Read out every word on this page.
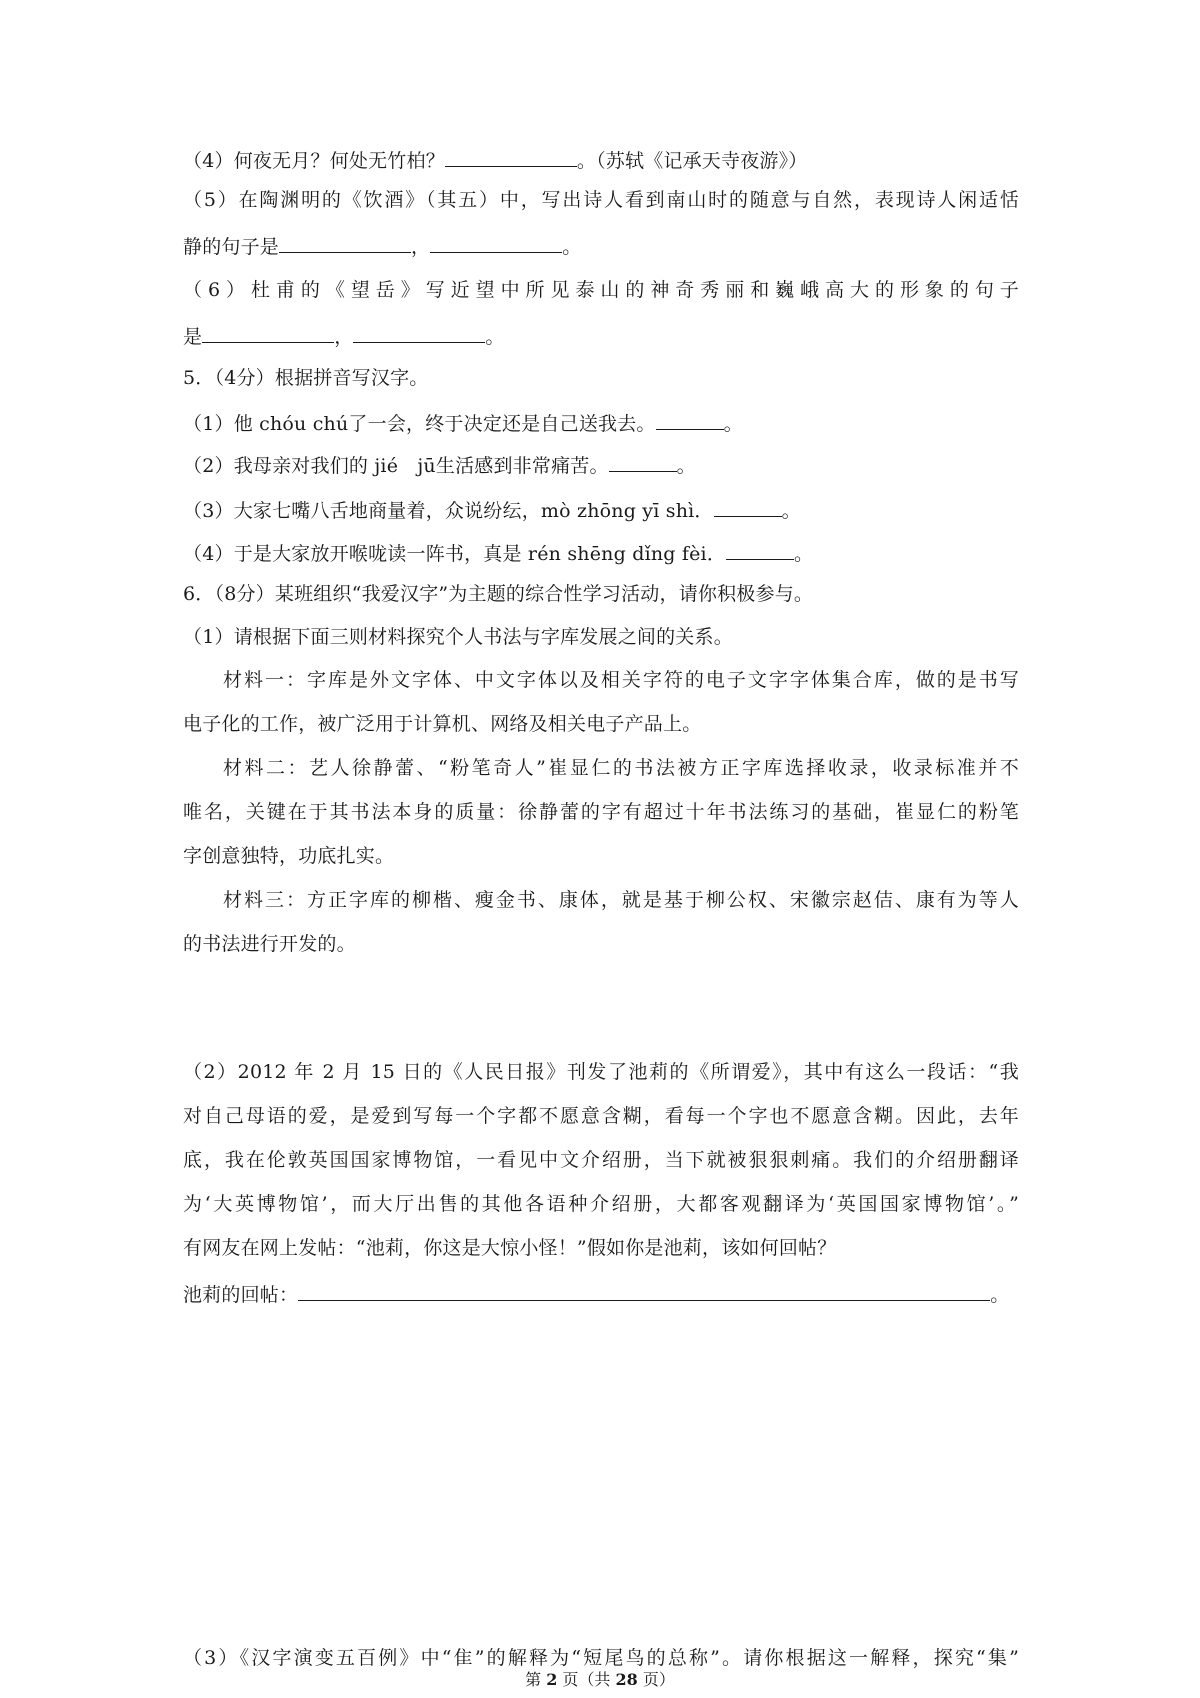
（4）何夜无月？何处无竹柏？	。（苏轼《记承天寺夜游》）
（5）在陶渊明的《饮酒》（其五）中，写出诗人看到南山时的随意与自然，表现诗人闲适恬
静的句子是	，	。
（6）杜甫的《望岳》写近望中所见泰山的神奇秀丽和巍峨高大的形象的句子
是	，	。
5．（4分）根据拼音写汉字。
（1）他 chóu chú了一会，终于决定还是自己送我去。	。
（2）我母亲对我们的 jié　jū生活感到非常痛苦。	。
（3）大家七嘴八舌地商量着，众说纷纭，mò zhōng yī shì．	。
（4）于是大家放开喉咙读一阵书，真是 rén shēng dǐng fèi．	。
6．（8分）某班组织“我爱汉字”为主题的综合性学习活动，请你积极参与。
（1）请根据下面三则材料探究个人书法与字库发展之间的关系。
材料一：字库是外文字体、中文字体以及相关字符的电子文字字体集合库，做的是书写
电子化的工作，被广泛用于计算机、网络及相关电子产品上。
材料二：艺人徐静蕾、“粉笔奇人”崔显仁的书法被方正字库选择收录，收录标准并不
唯名，关键在于其书法本身的质量：徐静蕾的字有超过十年书法练习的基础，崔显仁的粉笔
字创意独特，功底扎实。
材料三：方正字库的柳楷、瘦金书、康体，就是基于柳公权、宋徽宗赵佶、康有为等人
的书法进行开发的。
（2）2012 年 2 月 15 日的《人民日报》刊发了池莉的《所谓爱》，其中有这么一段话：“我
对自己母语的爱，是爱到写每一个字都不愿意含糊，看每一个字也不愿意含糊。因此，去年
底，我在伦敦英国国家博物馆，一看见中文介绍册，当下就被狠狠刺痛。我们的介绍册翻译
为‘大英博物馆’，而大厅出售的其他各语种介绍册，大都客观翻译为‘英国国家博物馆’。”
有网友在网上发帖：“池莉，你这是大惊小怪！”假如你是池莉，该如何回帖？
池莉的回帖：	。
（3）《汉字演变五百例》中“隹”的解释为“短尾鸟的总称”。请你根据这一解释，探究“集”
第 2 页（共 28 页）
